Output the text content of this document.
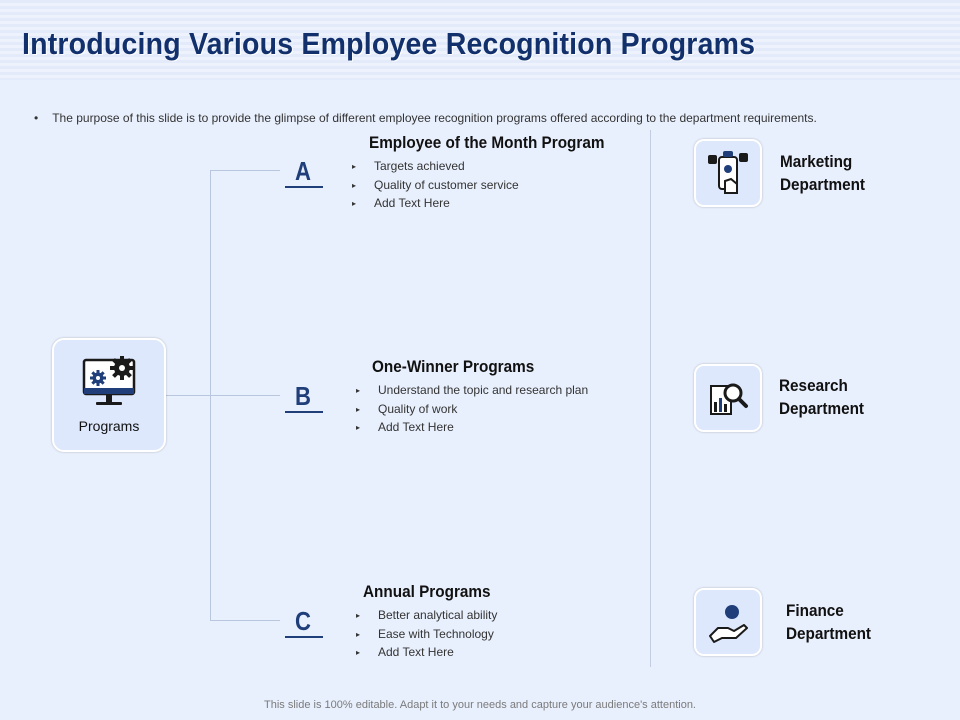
Introducing Various Employee Recognition Programs
• The purpose of this slide is to provide the glimpse of different employee recognition programs offered according to the department requirements.
Programs
A
Employee of the Month Program
▸ Targets achieved
▸ Quality of customer service
▸ Add Text Here
B
One-Winner Programs
▸ Understand the topic and research plan
▸ Quality of work
▸ Add Text Here
C
Annual Programs
▸ Better analytical ability
▸ Ease with Technology
▸ Add Text Here
Marketing
Department
Research
Department
Finance
Department
This slide is 100% editable. Adapt it to your needs and capture your audience's attention.
